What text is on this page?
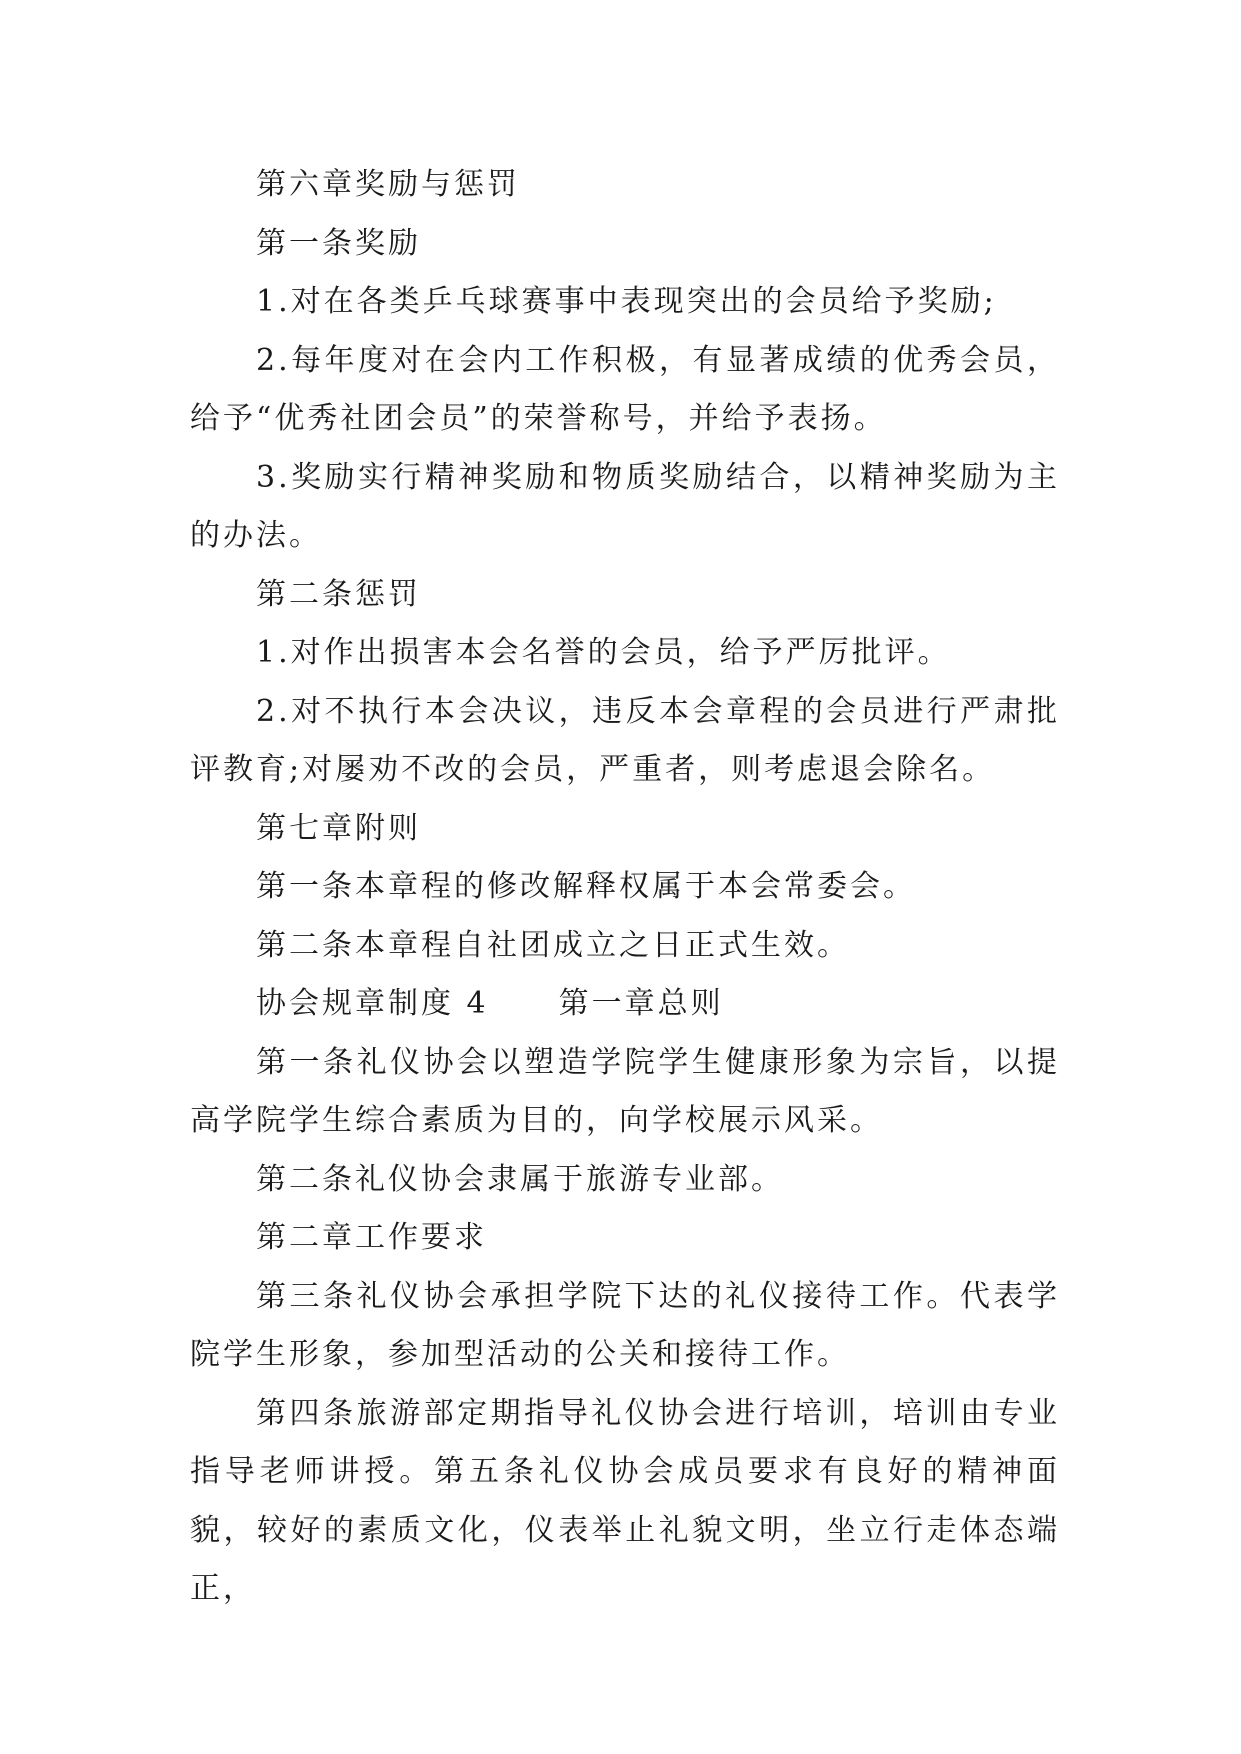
第六章奖励与惩罚

第一条奖励

1.对在各类乒乓球赛事中表现突出的会员给予奖励;

2.每年度对在会内工作积极，有显著成绩的优秀会员，给予“优秀社团会员”的荣誉称号，并给予表扬。

3.奖励实行精神奖励和物质奖励结合，以精神奖励为主的办法。

第二条惩罚

1.对作出损害本会名誉的会员，给予严厉批评。

2.对不执行本会决议，违反本会章程的会员进行严肃批评教育;对屡劝不改的会员，严重者，则考虑退会除名。

第七章附则

第一条本章程的修改解释权属于本会常委会。

第二条本章程自社团成立之日正式生效。

协会规章制度 4 第一章总则

第一条礼仪协会以塑造学院学生健康形象为宗旨，以提高学院学生综合素质为目的，向学校展示风采。

第二条礼仪协会隶属于旅游专业部。

第二章工作要求

第三条礼仪协会承担学院下达的礼仪接待工作。代表学院学生形象，参加型活动的公关和接待工作。

第四条旅游部定期指导礼仪协会进行培训，培训由专业指导老师讲授。第五条礼仪协会成员要求有良好的精神面貌，较好的素质文化，仪表举止礼貌文明，坐立行走体态端正，
